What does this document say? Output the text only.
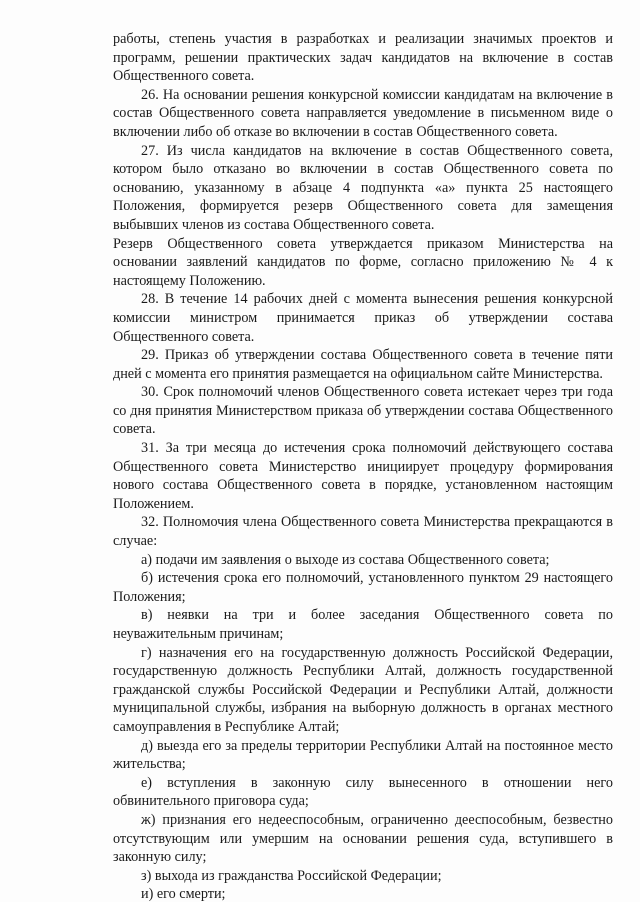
работы, степень участия в разработках и реализации значимых проектов и программ, решении практических задач кандидатов на включение в состав Общественного совета.

26. На основании решения конкурсной комиссии кандидатам на включение в состав Общественного совета направляется уведомление в письменном виде о включении либо об отказе во включении в состав Общественного совета.

27. Из числа кандидатов на включение в состав Общественного совета, котором было отказано во включении в состав Общественного совета по основанию, указанному в абзаце 4 подпункта «а» пункта 25 настоящего Положения, формируется резерв Общественного совета для замещения выбывших членов из состава Общественного совета.

Резерв Общественного совета утверждается приказом Министерства на основании заявлений кандидатов по форме, согласно приложению № 4 к настоящему Положению.

28. В течение 14 рабочих дней с момента вынесения решения конкурсной комиссии министром принимается приказ об утверждении состава Общественного совета.

29. Приказ об утверждении состава Общественного совета в течение пяти дней с момента его принятия размещается на официальном сайте Министерства.

30. Срок полномочий членов Общественного совета истекает через три года со дня принятия Министерством приказа об утверждении состава Общественного совета.

31. За три месяца до истечения срока полномочий действующего состава Общественного совета Министерство инициирует процедуру формирования нового состава Общественного совета в порядке, установленном настоящим Положением.

32. Полномочия члена Общественного совета Министерства прекращаются в случае:

а) подачи им заявления о выходе из состава Общественного совета;

б) истечения срока его полномочий, установленного пунктом 29 настоящего Положения;

в) неявки на три и более заседания Общественного совета по неуважительным причинам;

г) назначения его на государственную должность Российской Федерации, государственную должность Республики Алтай, должность государственной гражданской службы Российской Федерации и Республики Алтай, должности муниципальной службы, избрания на выборную должность в органах местного самоуправления в Республике Алтай;

д) выезда его за пределы территории Республики Алтай на постоянное место жительства;

е) вступления в законную силу вынесенного в отношении него обвинительного приговора суда;

ж) признания его недееспособным, ограниченно дееспособным, безвестно отсутствующим или умершим на основании решения суда, вступившего в законную силу;

з) выхода из гражданства Российской Федерации;

и) его смерти;
